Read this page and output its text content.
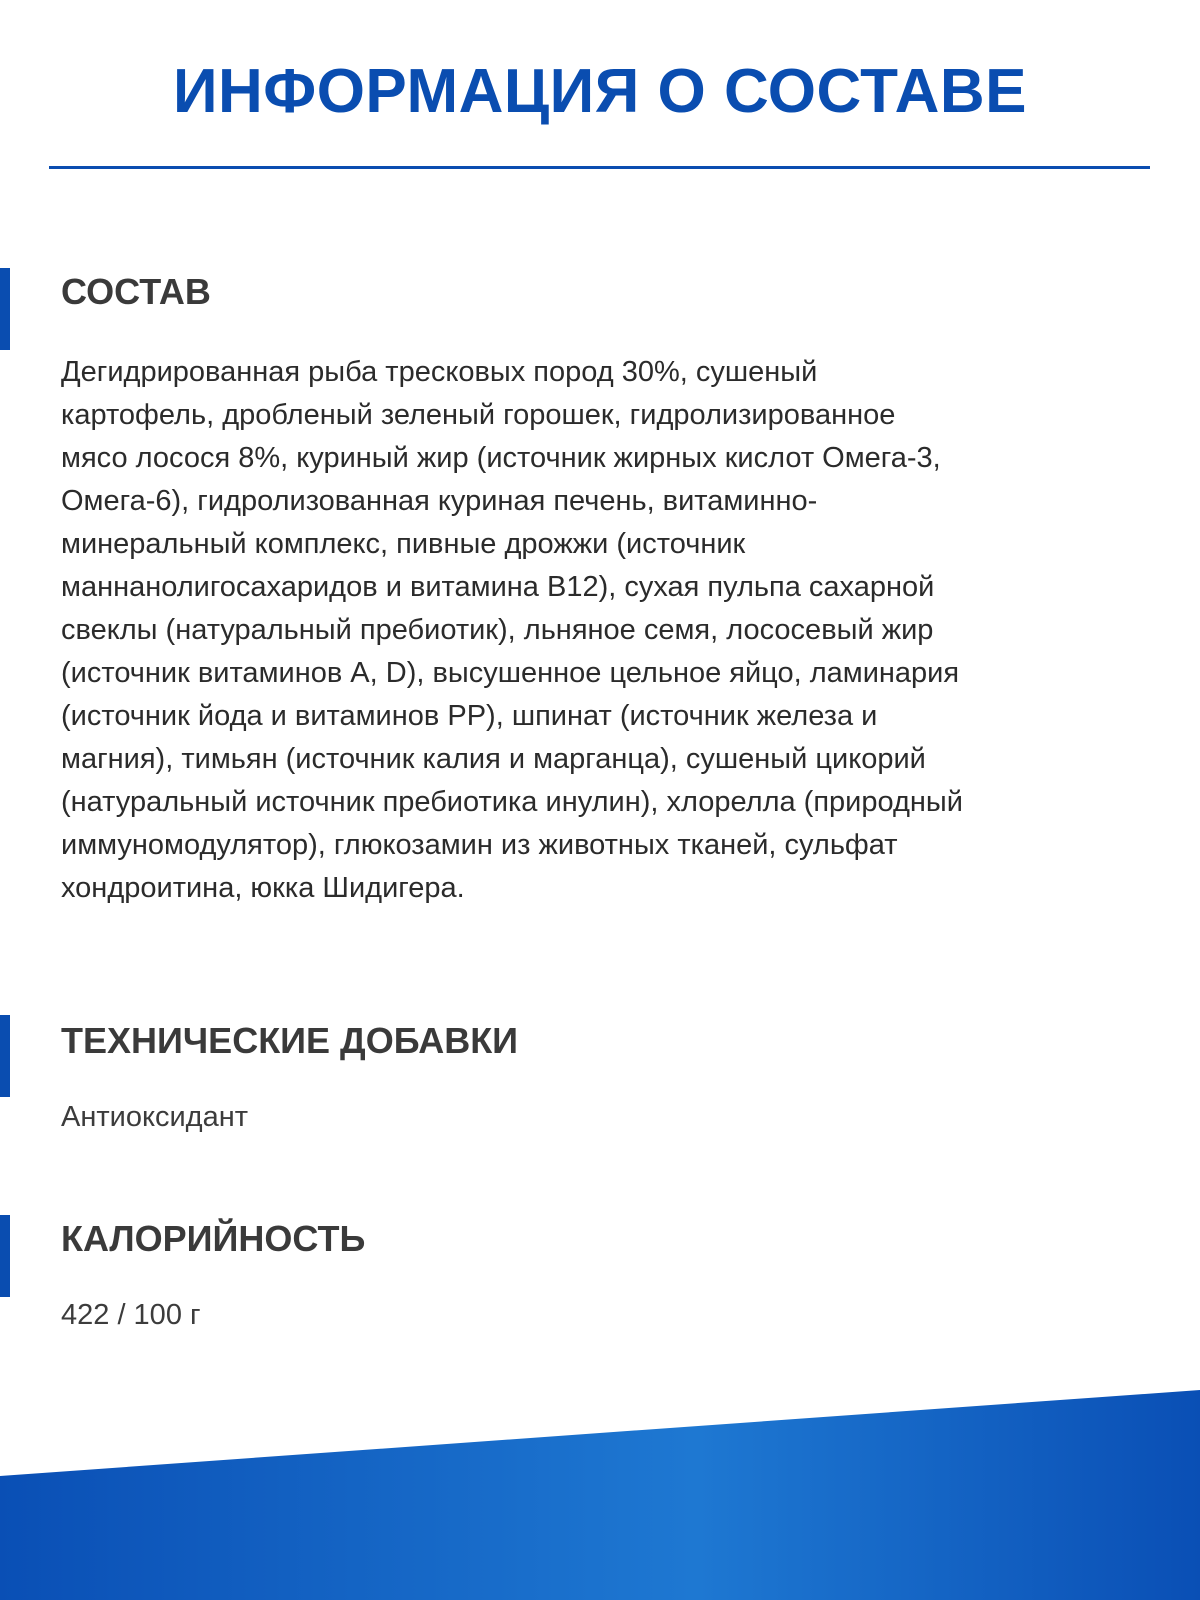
ИНФОРМАЦИЯ О СОСТАВЕ
СОСТАВ

Дегидрированная рыба тресковых пород 30%, сушеный
картофель, дробленый зеленый горошек, гидролизированное
мясо лосося 8%, куриный жир (источник жирных кислот Омега-3,
Омега-6), гидролизованная куриная печень, витаминно-
минеральный комплекс, пивные дрожжи (источник
маннанолигосахаридов и витамина B12), сухая пульпа сахарной
свеклы (натуральный пребиотик), льняное семя, лососевый жир
(источник витаминов A, D), высушенное цельное яйцо, ламинария
(источник йода и витаминов PP), шпинат (источник железа и
магния), тимьян (источник калия и марганца), сушеный цикорий
(натуральный источник пребиотика инулин), хлорелла (природный
иммуномодулятор), глюкозамин из животных тканей, сульфат
хондроитина, юкка Шидигера.

ТЕХНИЧЕСКИЕ ДОБАВКИ
Антиоксидант
КАЛОРИЙНОСТЬ
422 / 100 г
